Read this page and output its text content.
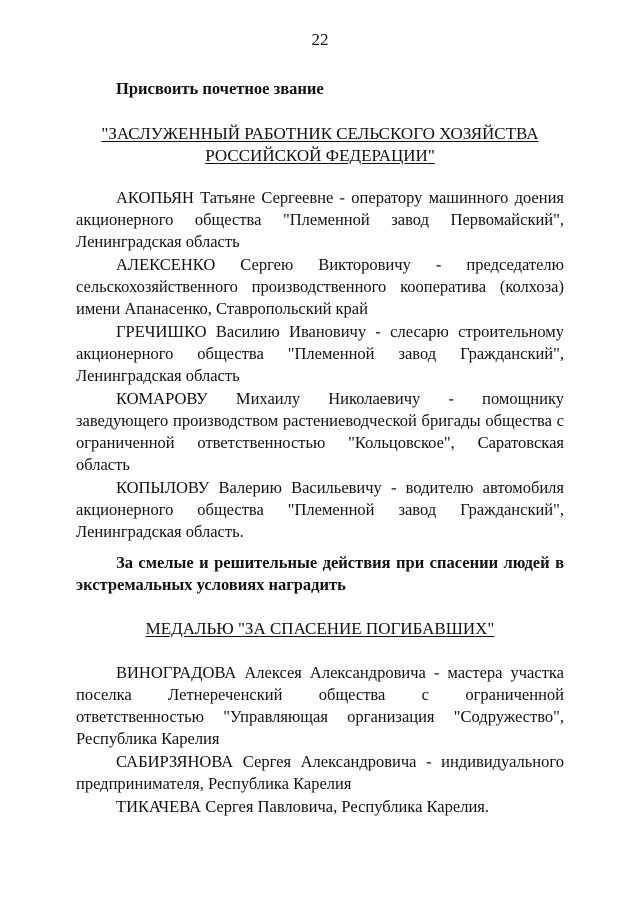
22
Присвоить почетное звание
"ЗАСЛУЖЕННЫЙ РАБОТНИК СЕЛЬСКОГО ХОЗЯЙСТВА
РОССИЙСКОЙ ФЕДЕРАЦИИ"

АКОПЬЯН Татьяне Сергеевне - оператору машинного доения акционерного общества "Племенной завод Первомайский", Ленинградская область

АЛЕКСЕНКО Сергею Викторовичу - председателю сельскохозяйственного производственного кооператива (колхоза) имени Апанасенко, Ставропольский край

ГРЕЧИШКО Василию Ивановичу - слесарю строительному акционерного общества "Племенной завод Гражданский", Ленинградская область

КОМАРОВУ Михаилу Николаевичу - помощнику заведующего производством растениеводческой бригады общества с ограниченной ответственностью "Кольцовское", Саратовская область

КОПЫЛОВУ Валерию Васильевичу - водителю автомобиля акционерного общества "Племенной завод Гражданский", Ленинградская область.

За смелые и решительные действия при спасении людей в экстремальных условиях наградить
МЕДАЛЬЮ "ЗА СПАСЕНИЕ ПОГИБАВШИХ"

ВИНОГРАДОВА Алексея Александровича - мастера участка поселка Летнереченский общества с ограниченной ответственностью "Управляющая организация "Содружество", Республика Карелия

САБИРЗЯНОВА Сергея Александровича - индивидуального предпринимателя, Республика Карелия

ТИКАЧЕВА Сергея Павловича, Республика Карелия.
